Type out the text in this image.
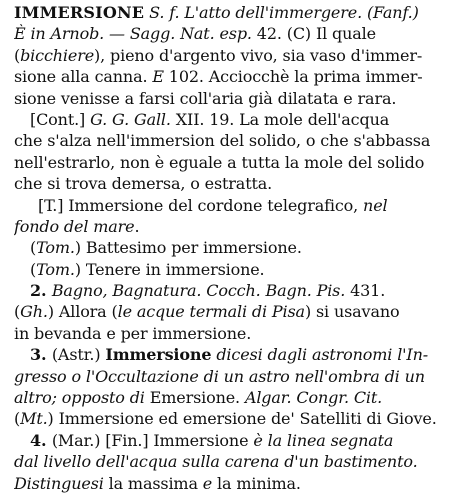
IMMERSIONE S. f. L'atto dell'immergere. (Fanf.)
È in Arnob. — Sagg. Nat. esp. 42. (C) Il quale
(bicchiere), pieno d'argento vivo, sia vaso d'immer-
sione alla canna. E 102. Acciocchè la prima immer-
sione venisse a farsi coll'aria già dilatata e rara.
[Cont.] G. G. Gall. XII. 19. La mole dell'acqua
che s'alza nell'immersion del solido, o che s'abbassa
nell'estrarlo, non è eguale a tutta la mole del solido
che si trova demersa, o estratta.
[T.] Immersione del cordone telegrafico, nel
fondo del mare.
(Tom.) Battesimo per immersione.
(Tom.) Tenere in immersione.
2. Bagno, Bagnatura. Cocch. Bagn. Pis. 431.
(Gh.) Allora (le acque termali di Pisa) si usavano
in bevanda e per immersione.
3. (Astr.) Immersione dicesi dagli astronomi l'In-
gresso o l'Occultazione di un astro nell'ombra di un
altro; opposto di Emersione. Algar. Congr. Cit.
(Mt.) Immersione ed emersione de' Satelliti di Giove.
4. (Mar.) [Fin.] Immersione è la linea segnata
dal livello dell'acqua sulla carena d'un bastimento.
Distinguesi la massima e la minima.
